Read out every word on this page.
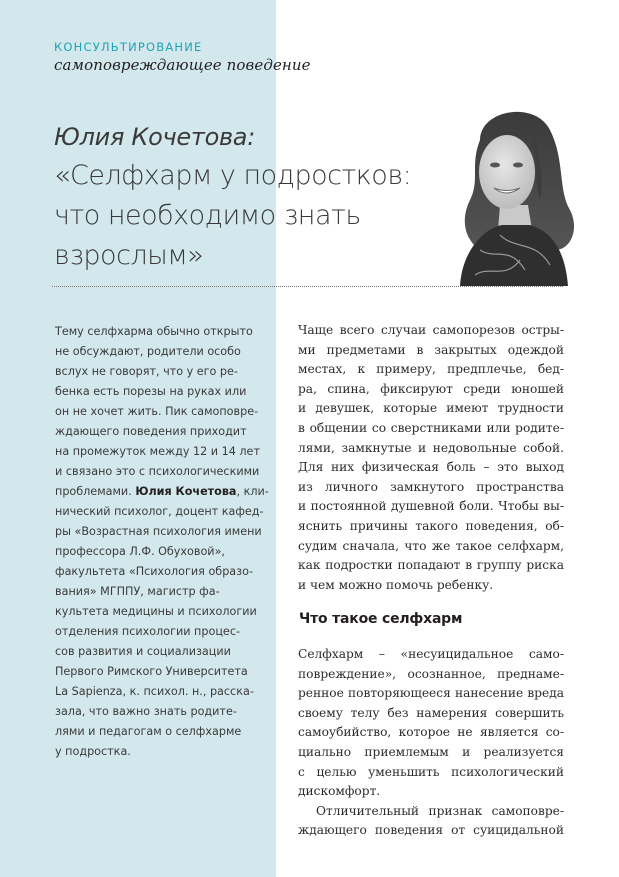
КОНСУЛЬТИРОВАНИЕ
самоповреждающее поведение
Юлия Кочетова:
«Селфхарм у подростков:
что необходимо знать
взрослым»
Тему селфхарма обычно открыто
не обсуждают, родители особо
вслух не говорят, что у его ре-
бенка есть порезы на руках или
он не хочет жить. Пик самоповре-
ждающего поведения приходит
на промежуток между 12 и 14 лет
и связано это с психологическими
проблемами. Юлия Кочетова, кли-
нический психолог, доцент кафед-
ры «Возрастная психология имени
профессора Л.Ф. Обуховой»,
факультета «Психология образо-
вания» МГППУ, магистр фа-
культета медицины и психологии
отделения психологии процес-
сов развития и социализации
Первого Римского Университета
La Sapienza, к. психол. н., расска-
зала, что важно знать родите-
лями и педагогам о селфхарме
у подростка.
Чаще всего случаи самопорезов остры-
ми предметами в закрытых одеждой
местах, к примеру, предплечье, бед-
ра, спина, фиксируют среди юношей
и девушек, которые имеют трудности
в общении со сверстниками или родите-
лями, замкнутые и недовольные собой.
Для них физическая боль – это выход
из личного замкнутого пространства
и постоянной душевной боли. Чтобы вы-
яснить причины такого поведения, об-
судим сначала, что же такое селфхарм,
как подростки попадают в группу риска
и чем можно помочь ребенку.
Что такое селфхарм
Селфхарм – «несуицидальное само-
повреждение», осознанное, преднаме-
ренное повторяющееся нанесение вреда
своему телу без намерения совершить
самоубийство, которое не является со-
циально приемлемым и реализуется
с целью уменьшить психологический
дискомфорт.
Отличительный признак самоповре-
ждающего поведения от суицидальной
